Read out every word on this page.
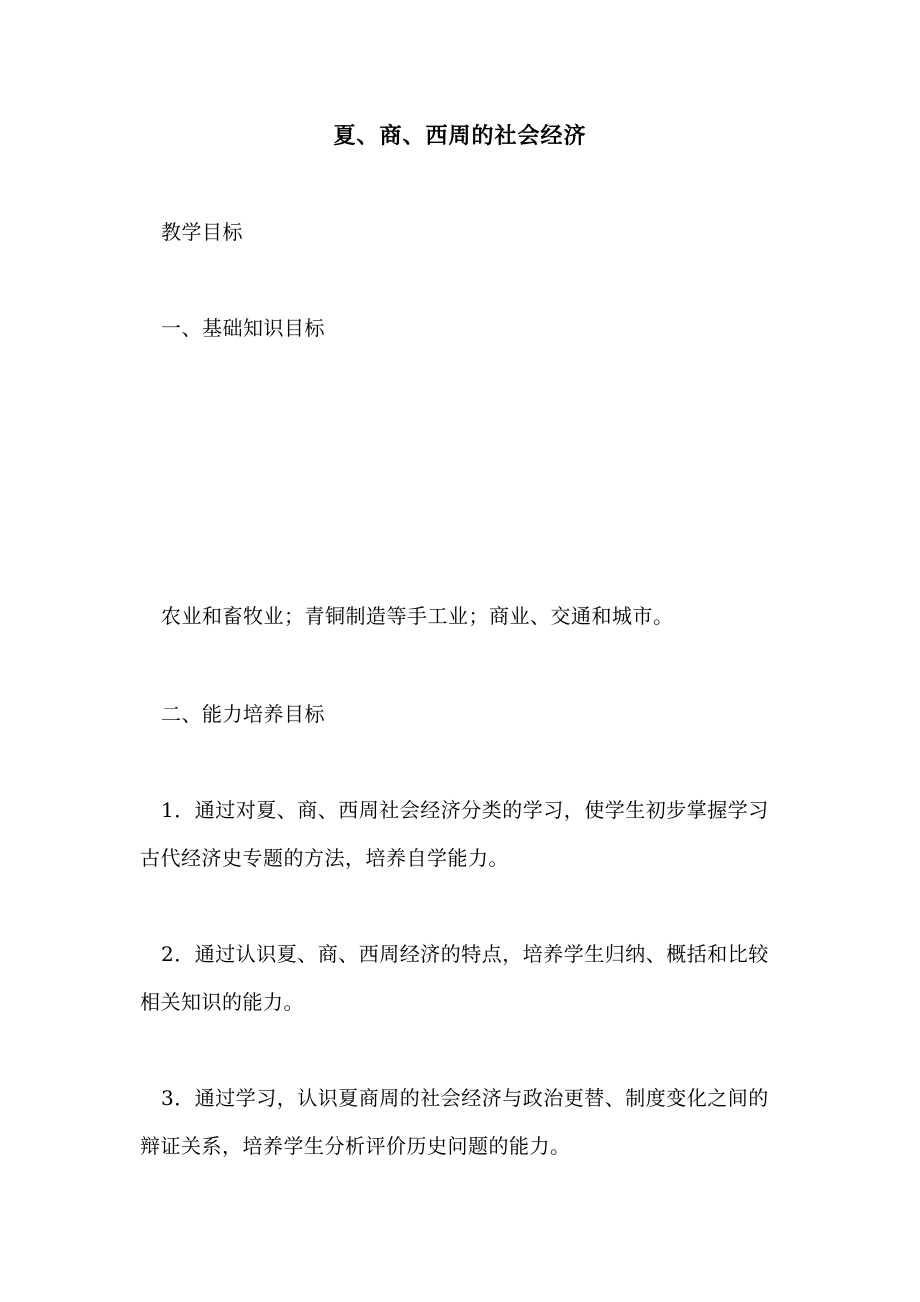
夏、商、西周的社会经济

教学目标

一、基础知识目标

农业和畜牧业；青铜制造等手工业；商业、交通和城市。

二、能力培养目标

1．通过对夏、商、西周社会经济分类的学习，使学生初步掌握学习古代经济史专题的方法，培养自学能力。

2．通过认识夏、商、西周经济的特点，培养学生归纳、概括和比较相关知识的能力。

3．通过学习，认识夏商周的社会经济与政治更替、制度变化之间的辩证关系，培养学生分析评价历史问题的能力。
